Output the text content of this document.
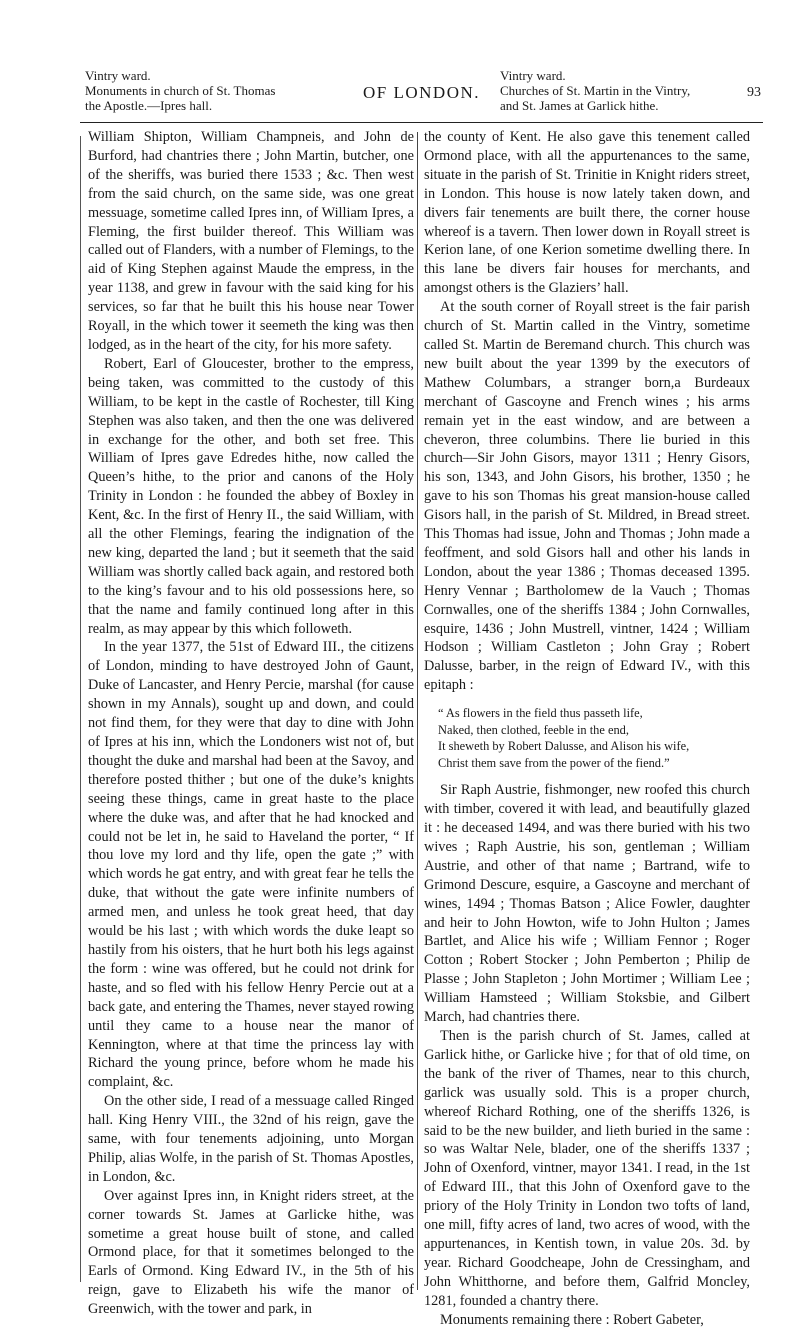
Vintry ward.
Monuments in church of St. Thomas
the Apostle.—Ipres hall.
OF LONDON.
Vintry ward.
Churches of St. Martin in the Vintry,
and St. James at Garlick hithe.
93

William Shipton, William Champneis, and John de Burford, had chantries there ; John Martin, butcher, one of the sheriffs, was buried there 1533 ; &c. Then west from the said church, on the same side, was one great messuage, sometime called Ipres inn, of William Ipres, a Fleming, the first builder thereof. This William was called out of Flanders, with a number of Flemings, to the aid of King Stephen against Maude the empress, in the year 1138, and grew in favour with the said king for his services, so far that he built this his house near Tower Royall, in the which tower it seemeth the king was then lodged, as in the heart of the city, for his more safety.

Robert, Earl of Gloucester, brother to the empress, being taken, was committed to the custody of this William, to be kept in the castle of Rochester, till King Stephen was also taken, and then the one was delivered in exchange for the other, and both set free. This William of Ipres gave Edredes hithe, now called the Queen’s hithe, to the prior and canons of the Holy Trinity in London : he founded the abbey of Boxley in Kent, &c. In the first of Henry II., the said William, with all the other Flemings, fearing the indignation of the new king, departed the land ; but it seemeth that the said William was shortly called back again, and restored both to the king’s favour and to his old possessions here, so that the name and family continued long after in this realm, as may appear by this which followeth.

In the year 1377, the 51st of Edward III., the citizens of London, minding to have destroyed John of Gaunt, Duke of Lancaster, and Henry Percie, marshal (for cause shown in my Annals), sought up and down, and could not find them, for they were that day to dine with John of Ipres at his inn, which the Londoners wist not of, but thought the duke and marshal had been at the Savoy, and therefore posted thither ; but one of the duke’s knights seeing these things, came in great haste to the place where the duke was, and after that he had knocked and could not be let in, he said to Haveland the porter, “ If thou love my lord and thy life, open the gate ;” with which words he gat entry, and with great fear he tells the duke, that without the gate were infinite numbers of armed men, and unless he took great heed, that day would be his last ; with which words the duke leapt so hastily from his oisters, that he hurt both his legs against the form : wine was offered, but he could not drink for haste, and so fled with his fellow Henry Percie out at a back gate, and entering the Thames, never stayed rowing until they came to a house near the manor of Kennington, where at that time the princess lay with Richard the young prince, before whom he made his complaint, &c.

On the other side, I read of a messuage called Ringed hall. King Henry VIII., the 32nd of his reign, gave the same, with four tenements adjoining, unto Morgan Philip, alias Wolfe, in the parish of St. Thomas Apostles, in London, &c.

Over against Ipres inn, in Knight riders street, at the corner towards St. James at Garlicke hithe, was sometime a great house built of stone, and called Ormond place, for that it sometimes belonged to the Earls of Ormond. King Edward IV., in the 5th of his reign, gave to Elizabeth his wife the manor of Greenwich, with the tower and park, in

the county of Kent. He also gave this tenement called Ormond place, with all the appurtenances to the same, situate in the parish of St. Trinitie in Knight riders street, in London. This house is now lately taken down, and divers fair tenements are built there, the corner house whereof is a tavern. Then lower down in Royall street is Kerion lane, of one Kerion sometime dwelling there. In this lane be divers fair houses for merchants, and amongst others is the Glaziers’ hall.

At the south corner of Royall street is the fair parish church of St. Martin called in the Vintry, sometime called St. Martin de Beremand church. This church was new built about the year 1399 by the executors of Mathew Columbars, a stranger born,a Burdeaux merchant of Gascoyne and French wines ; his arms remain yet in the east window, and are between a cheveron, three columbins. There lie buried in this church—Sir John Gisors, mayor 1311 ; Henry Gisors, his son, 1343, and John Gisors, his brother, 1350 ; he gave to his son Thomas his great mansion-house called Gisors hall, in the parish of St. Mildred, in Bread street. This Thomas had issue, John and Thomas ; John made a feoffment, and sold Gisors hall and other his lands in London, about the year 1386 ; Thomas deceased 1395. Henry Vennar ; Bartholomew de la Vauch ; Thomas Cornwalles, one of the sheriffs 1384 ; John Cornwalles, esquire, 1436 ; John Mustrell, vintner, 1424 ; William Hodson ; William Castleton ; John Gray ; Robert Dalusse, barber, in the reign of Edward IV., with this epitaph :

“ As flowers in the field thus passeth life,
Naked, then clothed, feeble in the end,
It sheweth by Robert Dalusse, and Alison his wife,
Christ them save from the power of the fiend.”

Sir Raph Austrie, fishmonger, new roofed this church with timber, covered it with lead, and beautifully glazed it : he deceased 1494, and was there buried with his two wives ; Raph Austrie, his son, gentleman ; William Austrie, and other of that name ; Bartrand, wife to Grimond Descure, esquire, a Gascoyne and merchant of wines, 1494 ; Thomas Batson ; Alice Fowler, daughter and heir to John Howton, wife to John Hulton ; James Bartlet, and Alice his wife ; William Fennor ; Roger Cotton ; Robert Stocker ; John Pemberton ; Philip de Plasse ; John Stapleton ; John Mortimer ; William Lee ; William Hamsteed ; William Stoksbie, and Gilbert March, had chantries there.

Then is the parish church of St. James, called at Garlick hithe, or Garlicke hive ; for that of old time, on the bank of the river of Thames, near to this church, garlick was usually sold. This is a proper church, whereof Richard Rothing, one of the sheriffs 1326, is said to be the new builder, and lieth buried in the same : so was Waltar Nele, blader, one of the sheriffs 1337 ; John of Oxenford, vintner, mayor 1341. I read, in the 1st of Edward III., that this John of Oxenford gave to the priory of the Holy Trinity in London two tofts of land, one mill, fifty acres of land, two acres of wood, with the appurtenances, in Kentish town, in value 20s. 3d. by year. Richard Goodcheape, John de Cressingham, and John Whitthorne, and before them, Galfrid Moncley, 1281, founded a chantry there.

Monuments remaining there : Robert Gabeter,
